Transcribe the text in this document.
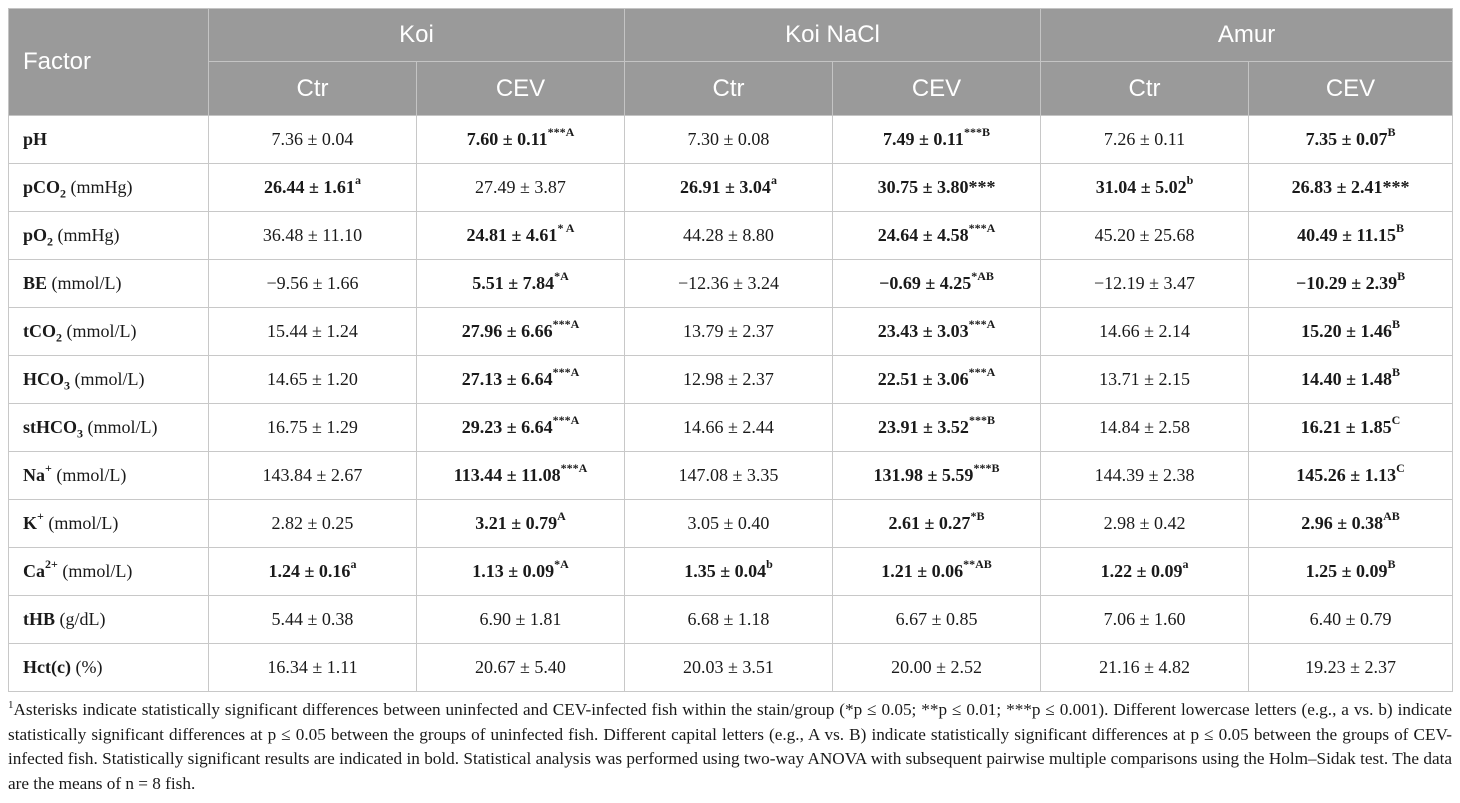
Factor	Koi		Koi NaCl		Amur	
	Ctr	CEV	Ctr	CEV	Ctr	CEV
pH	7.36 ± 0.04	$7.60 \pm 0.11^{***A}$	7.30 ± 0.08	$7.49 \pm 0.11^{***B}$	7.26 ± 0.11	$7.35 \pm 0.07^B$
pCO$_2$ (mmHg)	26.44 ± 1.61$^a$	27.49 ± 3.87	26.91 ± 3.04$^a$	30.75 ± 3.80***	31.04 ± 5.02$^b$	26.83 ± 2.41***
$pO_2$ (mmHg)	36.48 ± 11.10	$24.81 \pm 4.61^{* A}$	44.28 ± 8.80	$24.64 \pm 4.58^{***A}$	45.20 ± 25.68	$40.49 \pm 11.15^B$
BE (mmol/L)	−9.56 ± 1.66	$5.51 \pm 7.84^{*A}$	−12.36 ± 3.24	$-0.69 \pm 4.25^{*AB}$	−12.19 ± 3.47	$-10.29 \pm 2.39^B$
tCO$_2$ (mmol/L)	15.44 ± 1.24	$27.96 \pm 6.66^{***A}$	13.79 ± 2.37	$23.43 \pm 3.03^{***A}$	14.66 ± 2.14	$15.20 \pm 1.46^B$
$HCO_3$ (mmol/L)	14.65 ± 1.20	$27.13 \pm 6.64^{***A}$	12.98 ± 2.37	$22.51 \pm 3.06^{***A}$	13.71 ± 2.15	$14.40 \pm 1.48^B$
stHCO$_3$ (mmol/L)	16.75 ± 1.29	$29.23 \pm 6.64^{***A}$	14.66 ± 2.44	$23.91 \pm 3.52^{***B}$	14.84 ± 2.58	$16.21 \pm 1.85^C$
Na+ (mmol/L)	143.84 ± 2.67	$113.44 \pm 11.08^{***A}$	147.08 ± 3.35	$131.98 \pm 5.59^{***B}$	144.39 ± 2.38	$145.26 \pm 1.13^C$
K+ (mmol/L)	2.82 ± 0.25	$3.21 \pm 0.79^A$	3.05 ± 0.40	$2.61 \pm 0.27^{*B}$	2.98 ± 0.42	$2.96 \pm 0.38^{AB}$
$Ca^{2+}$ (mmol/L)	1.24 ± 0.16$^a$	$1.13 \pm 0.09^{*A}$	1.35 ± 0.04$^b$	$1.21 \pm 0.06^{**AB}$	1.22 ± 0.09$^a$	$1.25 \pm 0.09^B$
tHB (g/dL)	5.44 ± 0.38	6.90 ± 1.81	6.68 ± 1.18	6.67 ± 0.85	7.06 ± 1.60	6.40 ± 0.79
Hct(c) (%)	16.34 ± 1.11	20.67 ± 5.40	20.03 ± 3.51	20.00 ± 2.52	21.16 ± 4.82	19.23 ± 2.37
$^1$Asterisks indicate statistically significant differences between uninfected and CEV-infected fish within the stain/group (*p ≤ 0.05; **p ≤ 0.01; ***p ≤ 0.001). Different lowercase letters (e.g., a vs. b) indicate statistically significant differences at p ≤ 0.05 between the groups of uninfected fish. Different capital letters (e.g., A vs. B) indicate statistically significant differences at p ≤ 0.05 between the groups of CEV-infected fish. Statistically significant results are indicated in bold. Statistical analysis was performed using two-way ANOVA with subsequent pairwise multiple comparisons using the Holm–Sidak test. The data are the means of n = 8 fish.
